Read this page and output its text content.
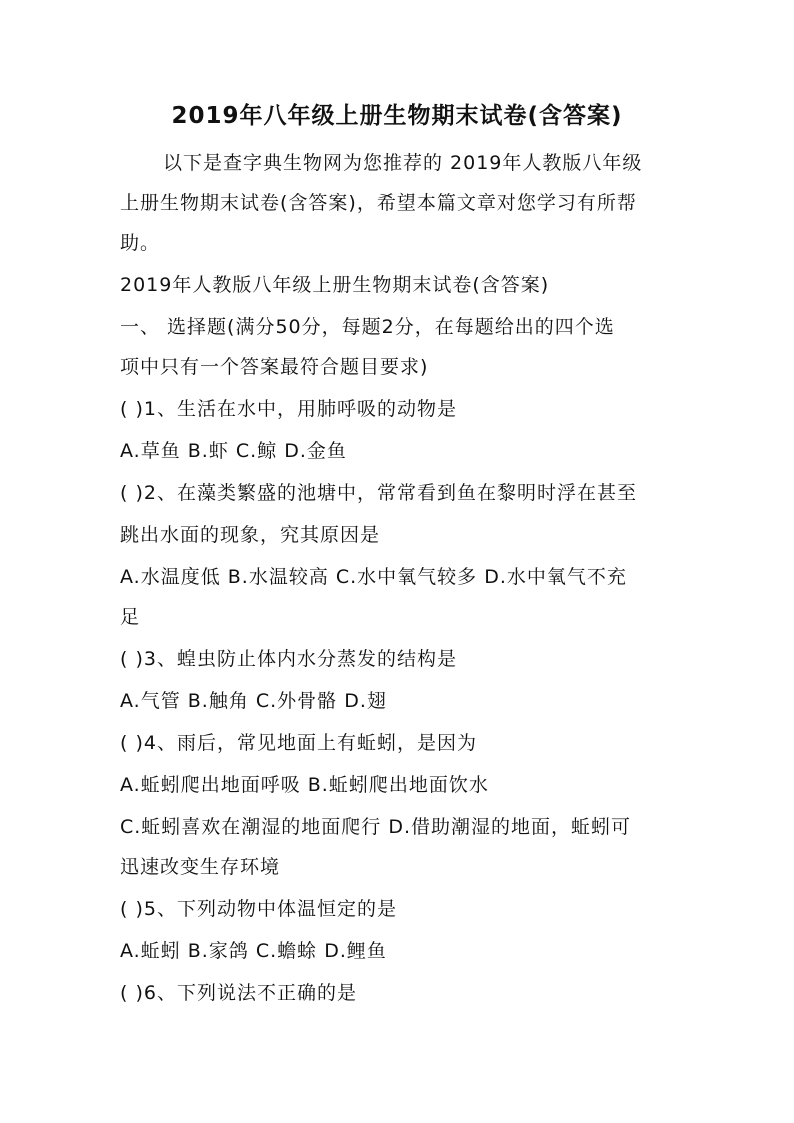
2019年八年级上册生物期末试卷(含答案)
以下是查字典生物网为您推荐的 2019年人教版八年级
上册生物期末试卷(含答案)，希望本篇文章对您学习有所帮
助。
2019年人教版八年级上册生物期末试卷(含答案)
一、 选择题(满分50分，每题2分，在每题给出的四个选
项中只有一个答案最符合题目要求)
( )1、生活在水中，用肺呼吸的动物是
A.草鱼 B.虾 C.鲸 D.金鱼
( )2、在藻类繁盛的池塘中，常常看到鱼在黎明时浮在甚至
跳出水面的现象，究其原因是
A.水温度低 B.水温较高 C.水中氧气较多 D.水中氧气不充
足
( )3、蝗虫防止体内水分蒸发的结构是
A.气管 B.触角 C.外骨骼 D.翅
( )4、雨后，常见地面上有蚯蚓，是因为
A.蚯蚓爬出地面呼吸 B.蚯蚓爬出地面饮水
C.蚯蚓喜欢在潮湿的地面爬行 D.借助潮湿的地面，蚯蚓可
迅速改变生存环境
( )5、下列动物中体温恒定的是
A.蚯蚓 B.家鸽 C.蟾蜍 D.鲤鱼
( )6、下列说法不正确的是
